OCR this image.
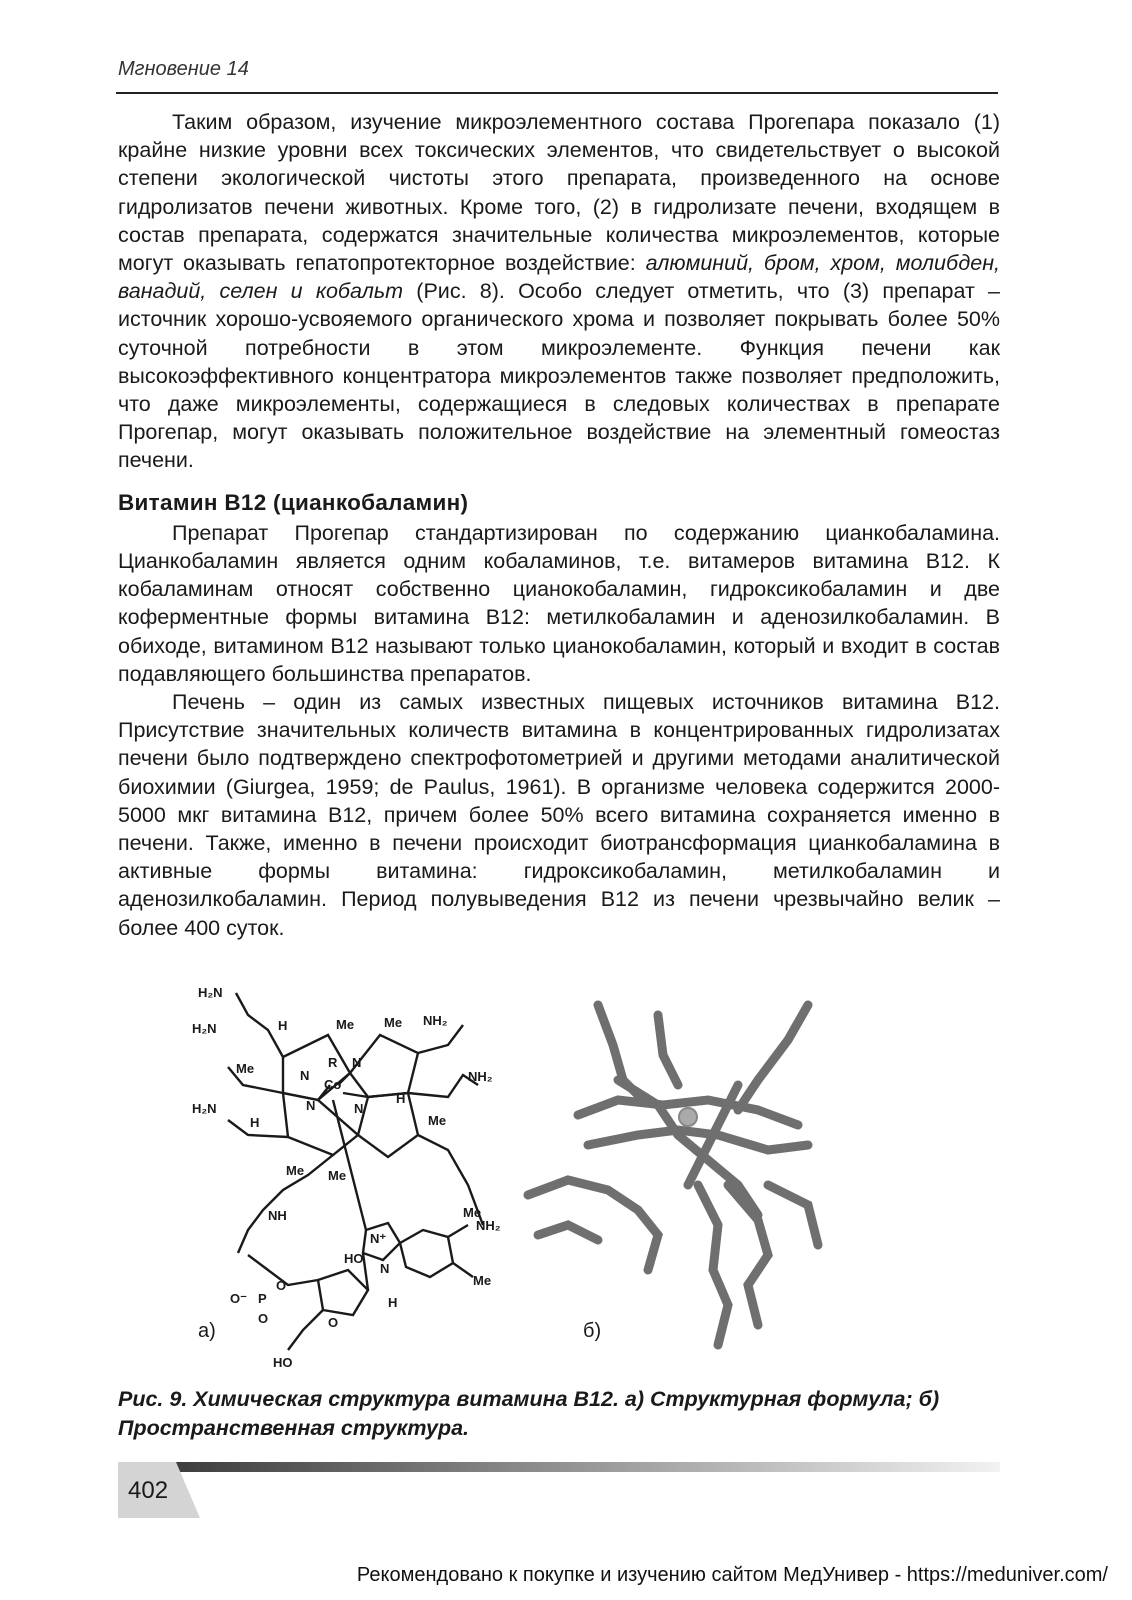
Мгновение 14

Таким образом, изучение микроэлементного состава Прогепара показало (1) крайне низкие уровни всех токсических элементов, что свидетельствует о высокой степени экологической чистоты этого препарата, произведенного на основе гидролизатов печени животных. Кроме того, (2) в гидролизате печени, входящем в состав препарата, содержатся значительные количества микроэлементов, которые могут оказывать гепатопротекторное воздействие: алюминий, бром, хром, молибден, ванадий, селен и кобальт (Рис. 8). Особо следует отметить, что (3) препарат – источник хорошо-усвояемого органического хрома и позволяет покрывать более 50% суточной потребности в этом микроэлементе. Функция печени как высокоэффективного концентратора микроэлементов также позволяет предположить, что даже микроэлементы, содержащиеся в следовых количествах в препарате Прогепар, могут оказывать положительное воздействие на элементный гомеостаз печени.

Витамин B12 (цианкобаламин)

Препарат Прогепар стандартизирован по содержанию цианкобаламина. Цианкобаламин является одним кобаламинов, т.е. витамеров витамина B12. К кобаламинам относят собственно цианокобаламин, гидроксикобаламин и две коферментные формы витамина B12: метилкобаламин и аденозилкобаламин. В обиходе, витамином B12 называют только цианокобаламин, который и входит в состав подавляющего большинства препаратов.

Печень – один из самых известных пищевых источников витамина B12. Присутствие значительных количеств витамина в концентрированных гидролизатах печени было подтверждено спектрофотометрией и другими методами аналитической биохимии (Giurgea, 1959; de Paulus, 1961). В организме человека содержится 2000-5000 мкг витамина B12, причем более 50% всего витамина сохраняется именно в печени. Также, именно в печени происходит биотрансформация цианкобаламина в активные формы витамина: гидроксикобаламин, метилкобаламин и аденозилкобаламин. Период полувыведения B12 из печени чрезвычайно велик – более 400 суток.

H₂N
H₂N
H₂N
NH₂
NH₂
NH₂
R
Co
N
N
N	N
Me Me
Me
Me
Me Me
Me
Me
H
H
H
NH
N⁺
N
HO
H
O
P
O⁻
O	O
HO
а)	б)
Рис. 9. Химическая структура витамина B12. а) Структурная формула; б) Пространственная структура.
402
Рекомендовано к покупке и изучению сайтом МедУнивер - https://meduniver.com/
